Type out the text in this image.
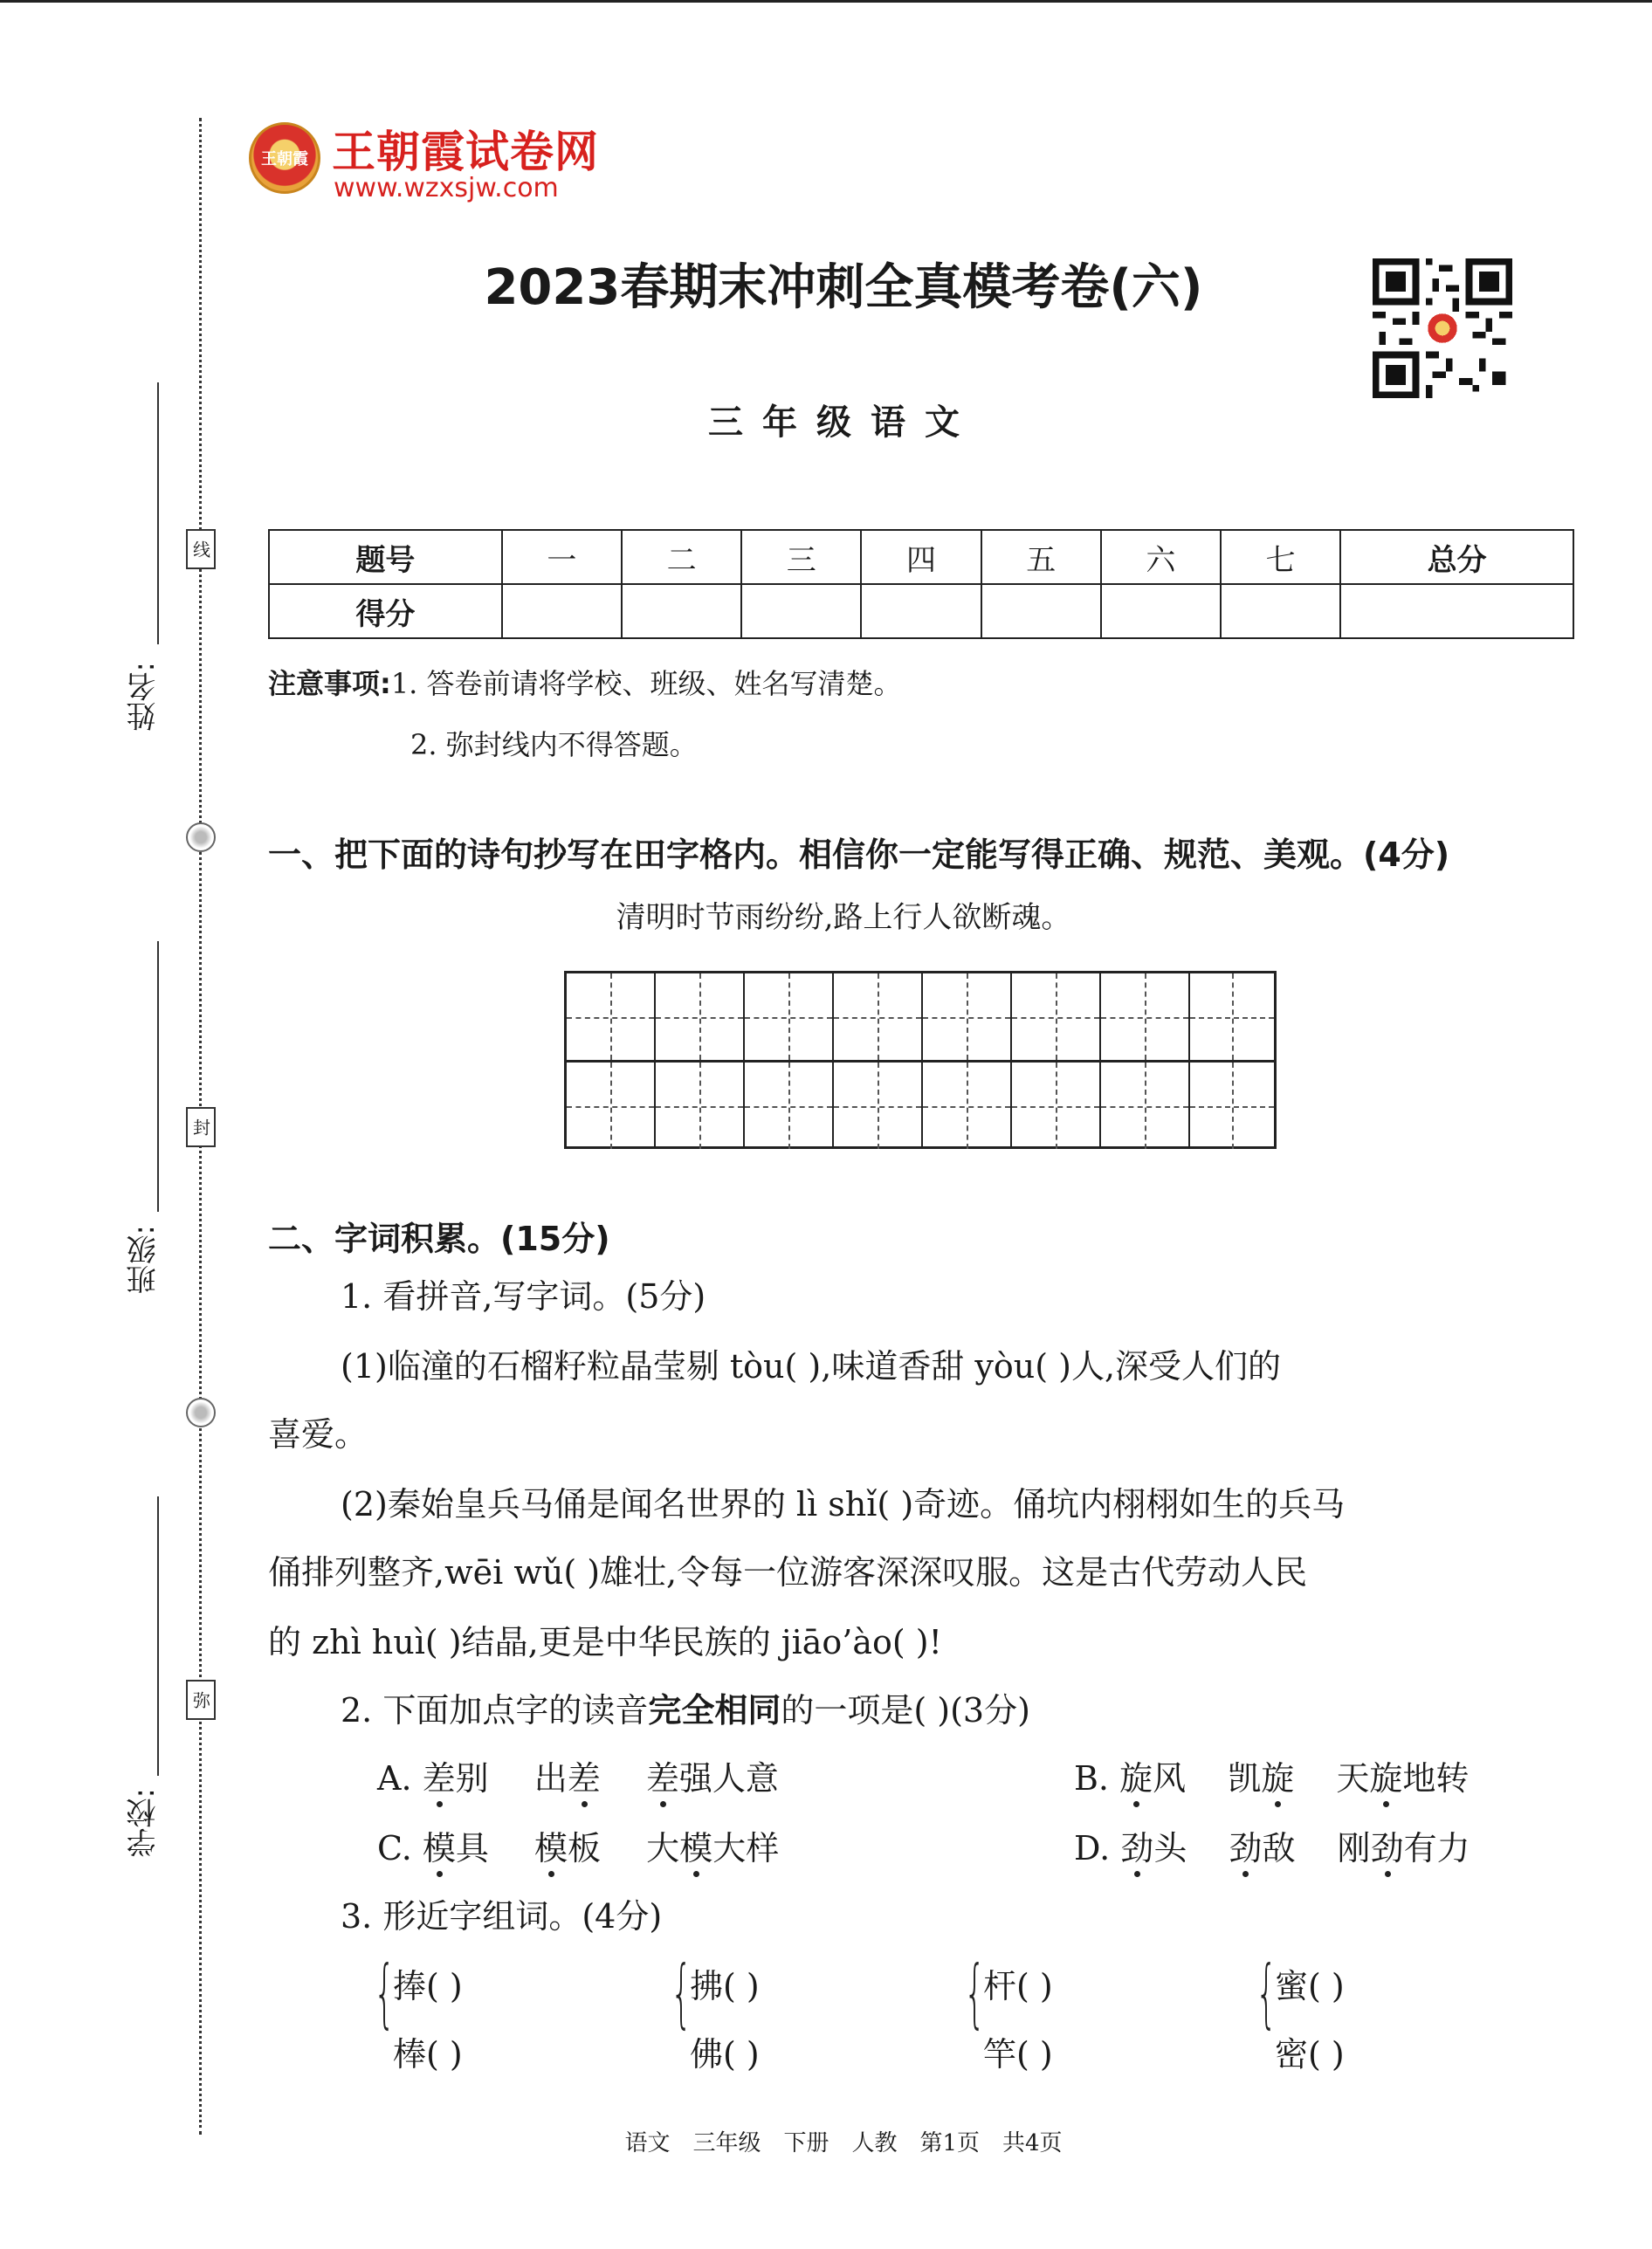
姓名:
线
班级:
封
学校:
弥
王朝霞 王朝霞试卷网
www.wzxsjw.com
2023春期末冲刺全真模考卷(六)
三年级语文
题号	一	二	三	四	五	六	七	总分
得分								
注意事项:1. 答卷前请将学校、班级、姓名写清楚。
2. 弥封线内不得答题。
一、把下面的诗句抄写在田字格内。相信你一定能写得正确、规范、美观。(4分)
清明时节雨纷纷,路上行人欲断魂。
二、字词积累。(15分)
1. 看拼音,写字词。(5分)
(1)临潼的石榴籽粒晶莹剔 tòu( ),味道香甜 yòu( )人,深受人们的
喜爱。
(2)秦始皇兵马俑是闻名世界的 lì shǐ( )奇迹。俑坑内栩栩如生的兵马
俑排列整齐,wēi wǔ( )雄壮,令每一位游客深深叹服。这是古代劳动人民
的 zhì huì( )结晶,更是中华民族的 jiāo’ào( )!
2. 下面加点字的读音完全相同的一项是( )(3分)
A. 差别 出差 差强人意	B. 旋风 凯旋 天旋地转
C. 模具 模板 大模大样	D. 劲头 劲敌 刚劲有力
3. 形近字组词。(4分)
{
捧( )
棒( )
{
拂( )
佛( )
{
杆( )
竿( )
{
蜜( )
密( )
语文　三年级　下册　人教　第1页　共4页
